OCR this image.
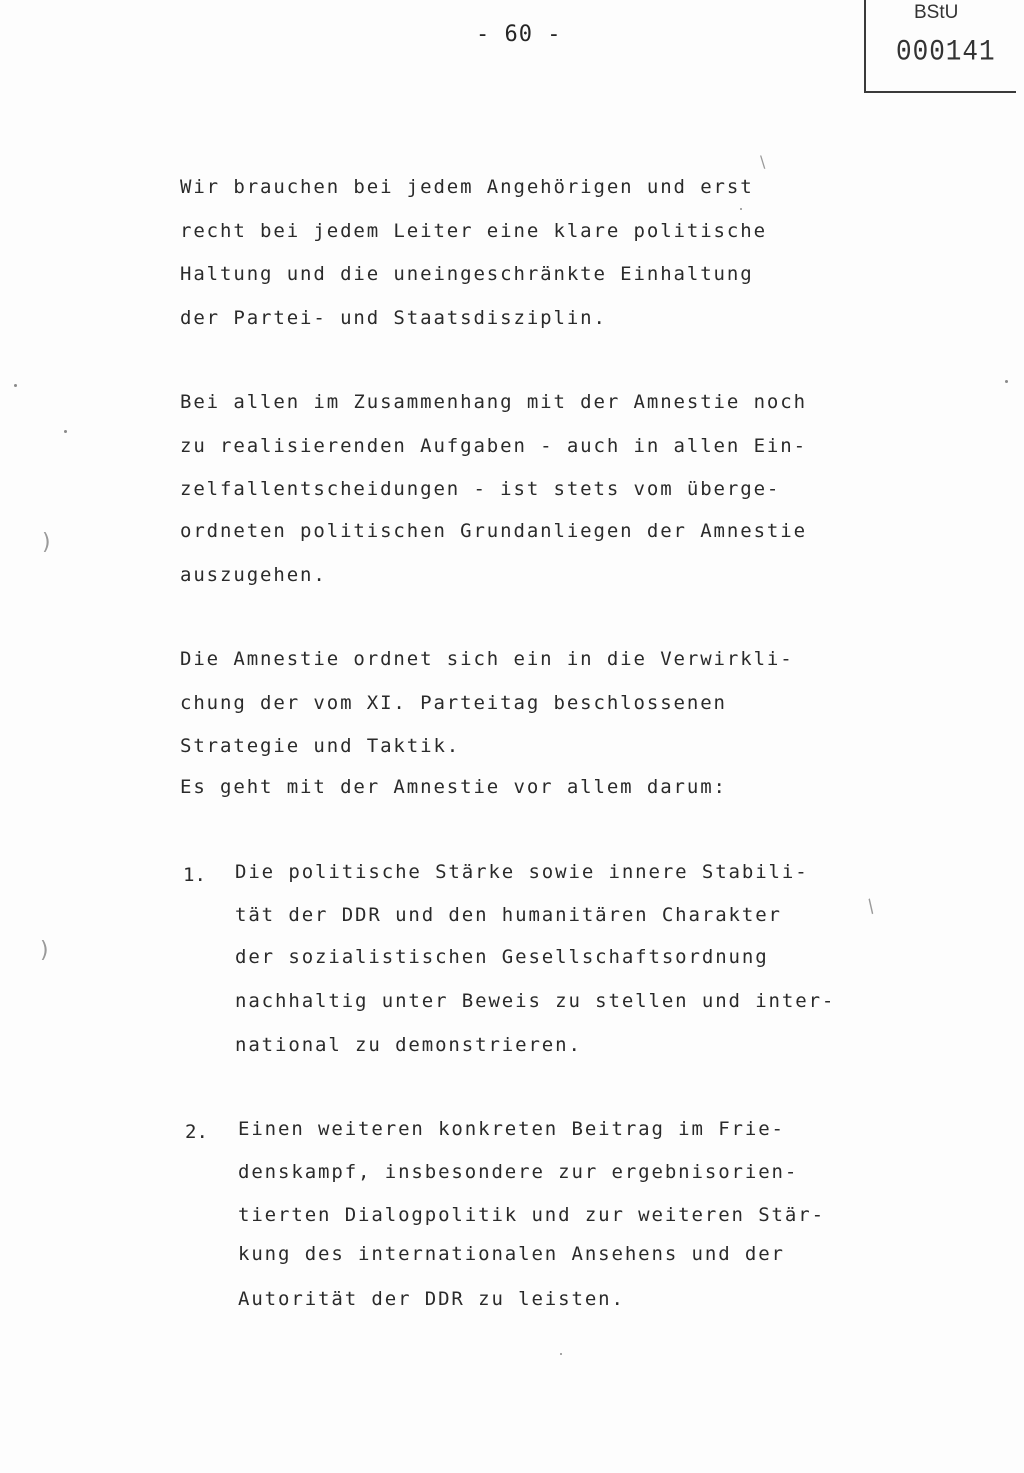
- 60 -
BStU
000141
Wir brauchen bei jedem Angehörigen und erst
recht bei jedem Leiter eine klare politische
Haltung und die uneingeschränkte Einhaltung
der Partei- und Staatsdisziplin.
Bei allen im Zusammenhang mit der Amnestie noch
zu realisierenden Aufgaben - auch in allen Ein-
zelfallentscheidungen - ist stets vom überge-
ordneten politischen Grundanliegen der Amnestie
auszugehen.
Die Amnestie ordnet sich ein in die Verwirkli-
chung der vom XI. Parteitag beschlossenen
Strategie und Taktik.
Es geht mit der Amnestie vor allem darum:
1. Die politische Stärke sowie innere Stabili-
tät der DDR und den humanitären Charakter
der sozialistischen Gesellschaftsordnung
nachhaltig unter Beweis zu stellen und inter-
national zu demonstrieren.
2. Einen weiteren konkreten Beitrag im Frie-
denskampf, insbesondere zur ergebnisorien-
tierten Dialogpolitik und zur weiteren Stär-
kung des internationalen Ansehens und der
Autorität der DDR zu leisten.
\
)
)
/
